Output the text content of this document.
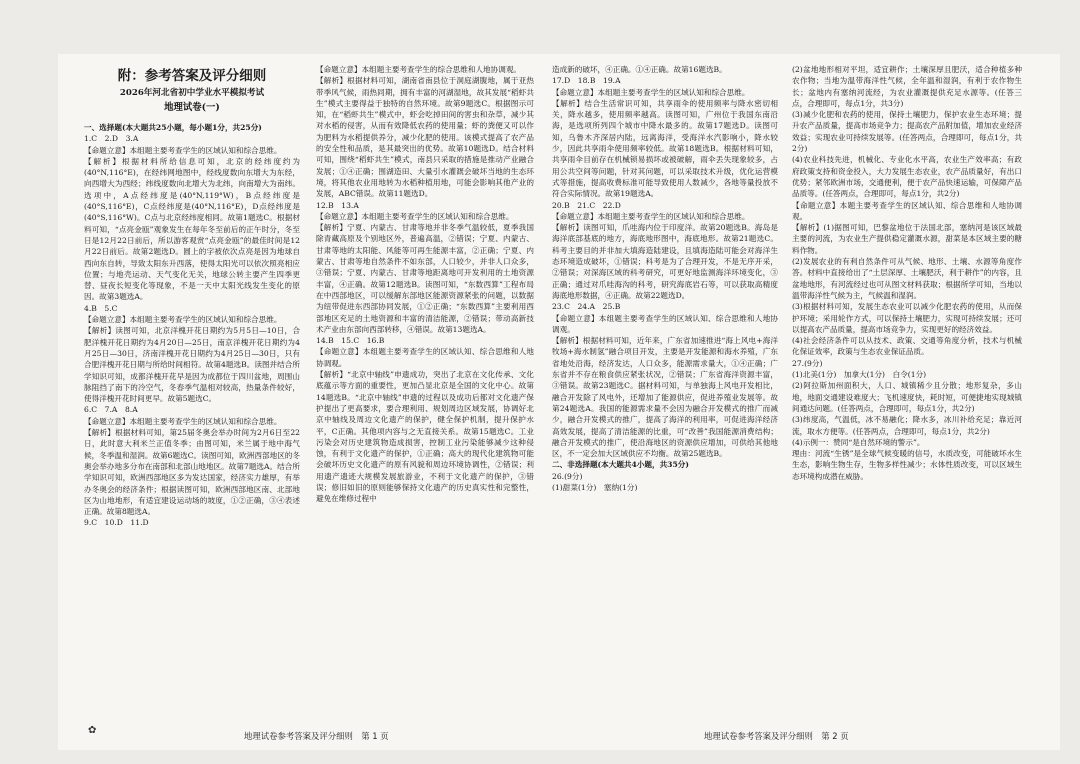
附：参考答案及评分细则
2026年河北省初中学业水平模拟考试
地理试卷(一)

一、选择题(本大题共25小题，每小题1分，共25分)

1.C　2.D　3.A

【命题立意】本组题主要考查学生的区域认知和综合思维。

【解析】根据材料所给信息可知，北京的经纬度约为(40°N,116°E)，在经纬网地图中，经线度数向东增大为东经，向西增大为西经；纬线度数向北增大为北纬，向南增大为南纬。选项中，A点经纬度是(40°N,119°W)，B点经纬度是(40°S,116°E)，C点经纬度是(40°N,116°E)，D点经纬度是(40°S,116°W)。C点与北京经纬度相同。故第1题选C。根据材料可知，“点亮金瓯”观象发生在每年冬至前后的正午时分，冬至日是12月22日前后，所以游客观赏“点亮金瓯”的最佳时间是12月22日前后。故第2题选D。圆上的字被依次点亮是因为地球自西向东自转，导致太阳东升西落，使得太阳光可以依次照亮相应位置；与地壳运动、天气变化无关，地球公转主要产生四季更替、昼夜长短变化等现象，不是一天中太阳光线发生变化的原因。故第3题选A。

4.B　5.C

【命题立意】本组题主要考查学生的区域认知和综合思维。

【解析】读图可知，北京洋槐开花日期约为5月5日—10日，合肥洋槐开花日期约为4月20日—25日，南京洋槐开花日期约为4月25日—30日，济南洋槐开花日期约为4月25日—30日，只有合肥洋槐开花日期与所给时间相符。故第4题选B。读图并结合所学知识可知，成都洋槐开花早是因为成都位于四川盆地，周围山脉阻挡了南下的冷空气，冬春季气温相对较高，热量条件较好，使得洋槐开花时间更早。故第5题选C。

6.C　7.A　8.A

【命题立意】本组题主要考查学生的区域认知和综合思维。

【解析】根据材料可知，第25届冬奥会举办时间为2月6日至22日，此时意大利米兰正值冬季；由图可知，米兰属于地中海气候，冬季温和湿润。故第6题选C。读图可知，欧洲西部地区的冬奥会举办地多分布在南部和北部山地地区。故第7题选A。结合所学知识可知，欧洲西部地区多为发达国家，经济实力雄厚，有举办冬奥会的经济条件；根据读图可知，欧洲西部地区南、北部地区为山地地形，有适宜建设运动场的坡度，①②正确，③④表述正确。故第8题选A。

9.C　10.D　11.D

【命题立意】本组题主要考查学生的综合思维和人地协调观。

【解析】根据材料可知，湖南省南县位于洞庭湖腹地，属于亚热带季风气候，雨热同期，拥有丰富的河湖湿地，故其发展“稻虾共生”模式主要得益于独特的自然环境。故第9题选C。根据图示可知，在“稻虾共生”模式中，虾会吃掉田间的害虫和杂草，减少其对水稻的侵害，从而有效降低农药的使用量；虾的粪便又可以作为肥料为水稻提供养分，减少化肥的使用。该模式提高了农产品的安全性和品质，是其最突出的优势。故第10题选D。结合材料可知，围绕“稻虾共生”模式，南县只采取的措施是推动产业融合发展；①④正确；围湖造田、大量引水灌溉会破坏当地的生态环境，将其他农业用地转为水稻种植用地，可能会影响其他产业的发展，ABC错误。故第11题选D。

12.B　13.A

【命题立意】本组题主要考查学生的区域认知和综合思维。

【解析】宁夏、内蒙古、甘肃等地并非冬季气温较低，夏季我国除青藏高原及个别地区外，普遍高温，②错误；宁夏、内蒙古、甘肃等地的太阳能、风能等可再生能源丰富，②正确；宁夏、内蒙古、甘肃等地自然条件不如东部，人口较少，并非人口众多，③错误；宁夏、内蒙古、甘肃等地距离地可开发利用的土地资源丰富，④正确。故第12题选B。读图可知，“东数西算”工程布局在中西部地区，可以缓解东部地区能源资源紧张的问题，以数据为纽带促进东西部协同发展，①②正确；“东数西算”主要利用西部地区充足的土地资源和丰富的清洁能源，②错误；带动高新技术产业由东部向西部转移，④错误。故第13题选A。

14.B　15.C　16.B

【命题立意】本组题主要考查学生的区域认知、综合思维和人地协调观。

【解析】“北京中轴线”申遗成功，突出了北京在文化传承、文化底蕴示等方面的重要性，更加凸显北京是全国的文化中心。故第14题选B。“北京中轴线”申遗的过程以及成功后都对文化遗产保护提出了更高要求，要合理利用、规划周边区域发展，协调好北京中轴线及周边文化遗产的保护，健全保护机制，提升保护水平，C正确。其他项内容与之无直接关系。故第15题选C。工业污染会对历史建筑物造成损害，控制工业污染能够减少这种侵蚀，有利于文化遗产的保护，①正确；高大的现代化建筑物可能会破坏历史文化遗产的原有风貌和周边环境协调性，②错误；利用遗产遗迹大规模发展旅游业，不利于文化遗产的保护，③错误；修旧如旧的原则能够保持文化遗产的历史真实性和完整性，避免在维修过程中

造成新的破坏，④正确。①④正确。故第16题选B。

17.D　18.B　19.A

【命题立意】本组题主要考查学生的区域认知和综合思维。

【解析】结合生活常识可知，共享雨伞的使用频率与降水密切相关，降水越多，使用频率越高。读图可知，广州位于我国东南沿海，是选项所列四个城市中降水最多的。故第17题选D。读图可知，乌鲁木齐深居内陆，远离海洋，受海洋水汽影响小，降水较少，因此共享雨伞使用频率较低。故第18题选B。根据材料可知，共享雨伞目前存在机械锁易损坏或被破解，雨伞丢失现象较多，占用公共空间等问题，针对其问题，可以采取技术升级，优化运营模式等措施，提高收费标准可能导致使用人数减少，各地等量投放不符合实际情况。故第19题选A。

20.B　21.C　22.D

【命题立意】本组题主要考查学生的区域认知和综合思维。

【解析】读图可知，爪哇海内位于印度洋。故第20题选B。海岛是海洋底部基底的地方，海底地形图中，海底地形。故第21题选C。科考主要目的并非加大填海造陆建设，且填海造陆可能会对海洋生态环境造成破坏，①错误；科考是为了合理开发，不是无序开采，②错误；对深海区域的科考研究，可更好地监测海洋环境变化，③正确；通过对爪哇海沟的科考，研究海底岩石等，可以获取高精度海底地形数据，④正确。故第22题选D。

23.C　24.A　25.B

【命题立意】本组题主要考查学生的区域认知、综合思维和人地协调观。

【解析】根据材料可知，近年来，广东省加速推进“海上风电+海洋牧场+海水制氢”融合项目开发，主要是开发能源和海水养殖，广东省地处沿海，经济发达，人口众多，能源需求量大，①④正确；广东省并不存在粮食供应紧张状况，②错误；广东省海洋资源丰富，③错误。故第23题选C。据材料可知，与单独海上风电开发相比，融合开发除了风电外，还增加了能源供应，促进养殖业发展等。故第24题选A。我国的能源需求量不会因为融合开发模式的推广而减少，融合开发模式的推广，提高了海洋的利用率，可促进海洋经济高效发展，提高了清洁能源的比重，可“改善”我国能源消费结构；融合开发模式的推广，使沿海地区的资源供应增加，可供给其他地区，不一定会加大区域供应不均衡。故第25题选B。

二、非选择题(本大题共4小题，共35分)

26.(9分)

(1)甜菜(1分)　塞纳(1分)

(2)盆地地形相对平坦，适宜耕作；土壤深厚且肥沃，适合种植多种农作物；当地为温带海洋性气候，全年温和湿润，有利于农作物生长；盆地内有塞纳河流经，为农业灌溉提供充足水源等。(任答三点，合理即可，每点1分，共3分)

(3)减少化肥和农药的使用，保持土壤肥力，保护农业生态环境；提升农产品质量，提高市场竞争力；提高农产品附加值，增加农业经济效益；实现农业可持续发展等。(任答两点，合理即可，每点1分，共2分)

(4)农业科技先进，机械化、专业化水平高，农业生产效率高；有政府政策支持和资金投入，大力发展生态农业，农产品质量好，有出口优势；紧邻欧洲市场，交通便利，便于农产品快速运输，可保障产品品质等。(任答两点，合理即可，每点1分，共2分)

【命题立意】本题主要考查学生的区域认知、综合思维和人地协调观。

【解析】(1)据图可知，巴黎盆地位于法国北部，塞纳河是该区域最主要的河流，为农业生产提供稳定灌溉水源，甜菜是本区域主要的糖料作物。

(2)发展农业的有利自然条件可从气候、地形、土壤、水源等角度作答。材料中直接给出了“土层深厚、土壤肥沃，利于耕作”的内容，且盆地地形，有河流经过也可从图文材料获取；根据所学可知，当地以温带海洋性气候为主，气候温和湿润。

(3)根据材料可知，发展生态农业可以减少化肥农药的使用，从而保护环境；采用轮作方式，可以保持土壤肥力，实现可持续发展；还可以提高农产品质量，提高市场竞争力，实现更好的经济效益。

(4)社会经济条件可以从技术、政策、交通等角度分析，技术与机械化保证效率，政策与生态农业保证品质。

27.(9分)

(1)北美(1分)　加拿大(1分)　白令(1分)

(2)阿拉斯加州面积大，人口、城镇稀少且分散；地形复杂，多山地，地面交通建设难度大；飞机速度快，耗时短，可便捷地实现城镇间通达问题。(任答两点，合理即可，每点1分，共2分)

(3)纬度高，气温低，冰不易融化；降水多，冰川补给充足；靠近河流，取水方便等。(任答两点，合理即可，每点1分，共2分)

(4)示例一：赞同“是自然环境的警示”。

理由：河流“生锈”是全球气候变暖的信号，水质改变，可能破坏水生生态，影响生物生存，生物多样性减少；水体性质改变，可以区域生态环境构成潜在威胁。

✿	地理试卷参考答案及评分细则　第 1 页	地理试卷参考答案及评分细则　第 2 页
